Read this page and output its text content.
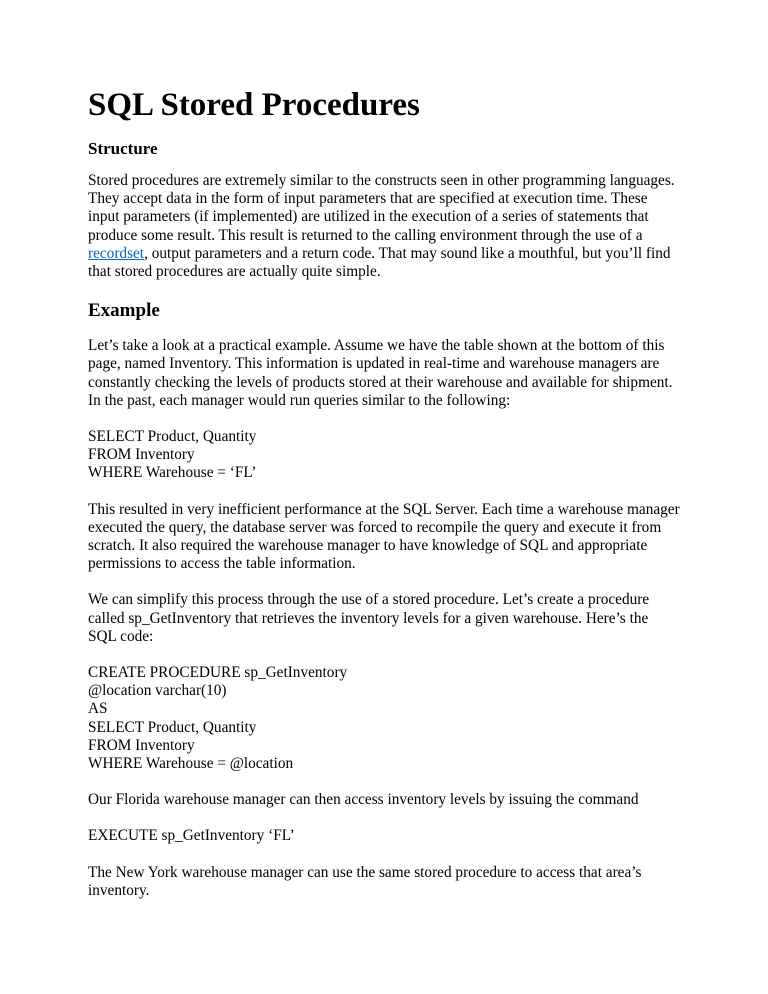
SQL Stored Procedures
Structure

Stored procedures are extremely similar to the constructs seen in other programming languages. They accept data in the form of input parameters that are specified at execution time. These input parameters (if implemented) are utilized in the execution of a series of statements that produce some result. This result is returned to the calling environment through the use of a recordset, output parameters and a return code. That may sound like a mouthful, but you’ll find that stored procedures are actually quite simple.

Example

Let’s take a look at a practical example. Assume we have the table shown at the bottom of this page, named Inventory. This information is updated in real-time and warehouse managers are constantly checking the levels of products stored at their warehouse and available for shipment. In the past, each manager would run queries similar to the following:

SELECT Product, Quantity
FROM Inventory
WHERE Warehouse = ‘FL’

This resulted in very inefficient performance at the SQL Server. Each time a warehouse manager executed the query, the database server was forced to recompile the query and execute it from scratch. It also required the warehouse manager to have knowledge of SQL and appropriate permissions to access the table information.

We can simplify this process through the use of a stored procedure. Let’s create a procedure called sp_GetInventory that retrieves the inventory levels for a given warehouse. Here’s the SQL code:

CREATE PROCEDURE sp_GetInventory
@location varchar(10)
AS
SELECT Product, Quantity
FROM Inventory
WHERE Warehouse = @location

Our Florida warehouse manager can then access inventory levels by issuing the command

EXECUTE sp_GetInventory ‘FL’

The New York warehouse manager can use the same stored procedure to access that area’s inventory.
